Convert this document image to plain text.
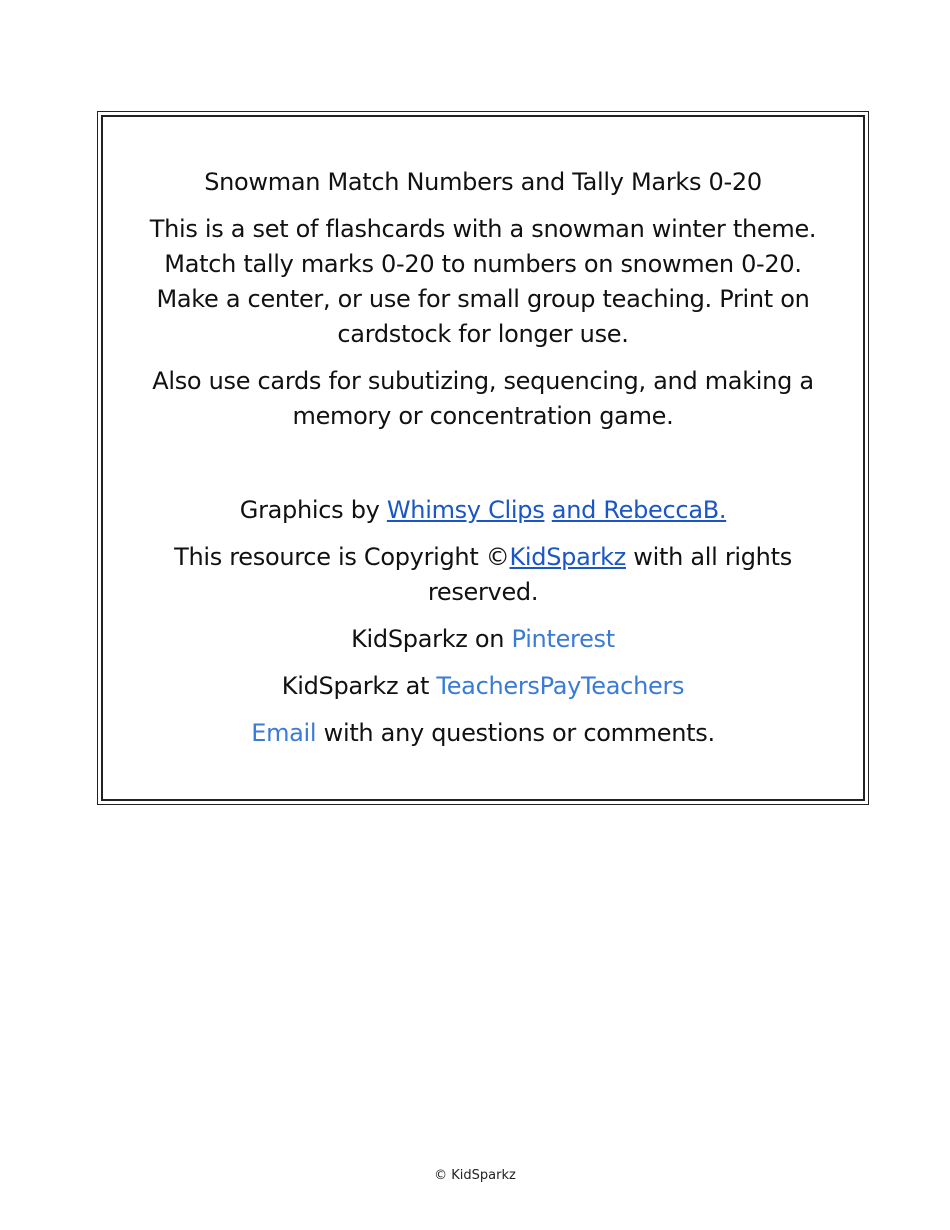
Snowman Match Numbers and Tally Marks 0-20

This is a set of flashcards with a snowman winter theme.
Match tally marks 0-20 to numbers on snowmen 0-20.
Make a center, or use for small group teaching. Print on
cardstock for longer use.

Also use cards for subutizing, sequencing, and making a
memory or concentration game.

Graphics by Whimsy Clips and RebeccaB.

This resource is Copyright ©KidSparkz with all rights
reserved.

KidSparkz on Pinterest

KidSparkz at TeachersPayTeachers

Email with any questions or comments.

© KidSparkz
